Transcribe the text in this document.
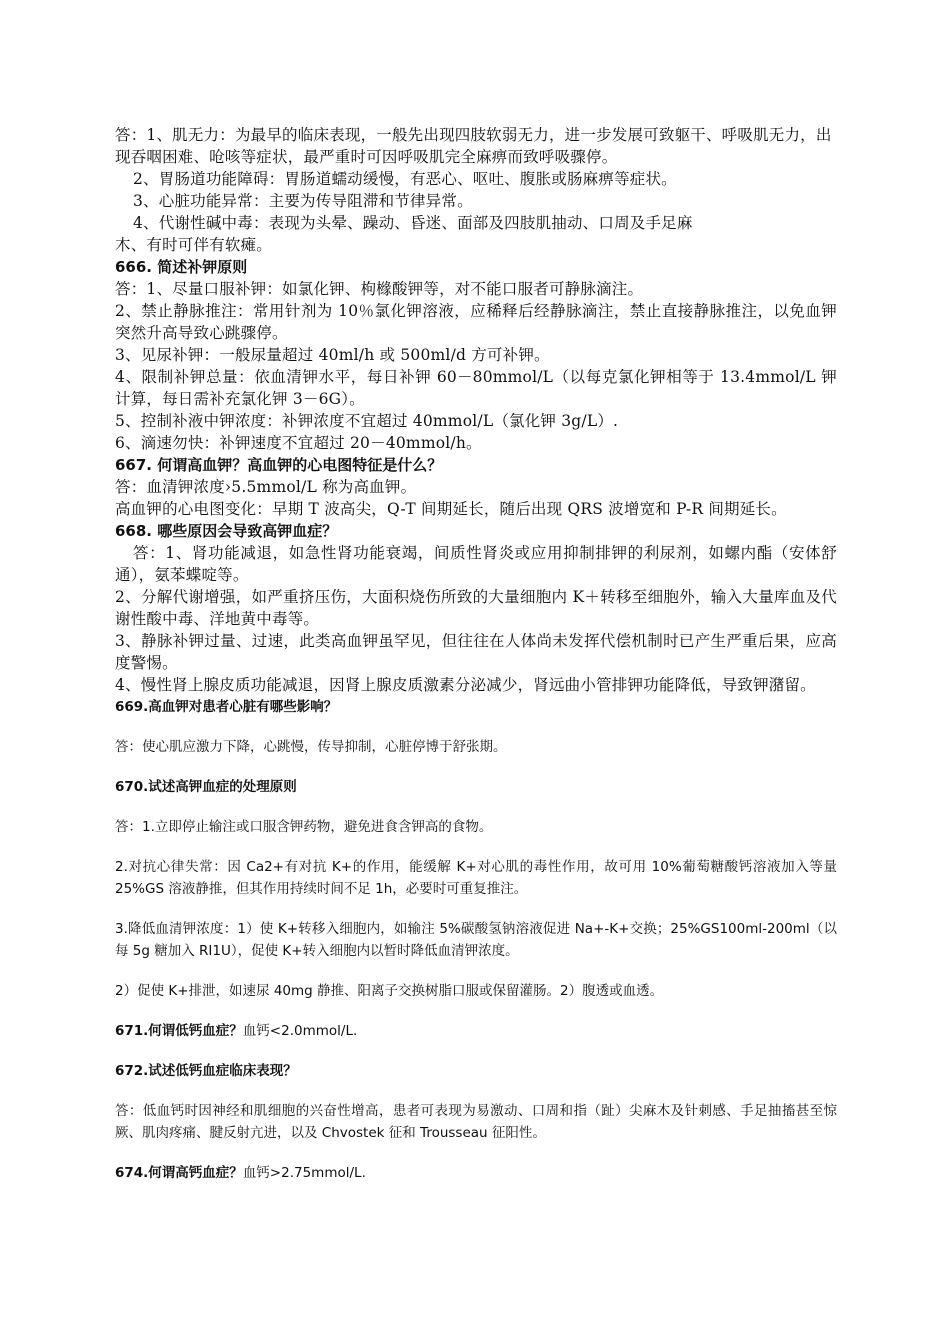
答：1、肌无力：为最早的临床表现，一般先出现四肢软弱无力，进一步发展可致躯干、呼吸肌无力，出现吞咽困难、呛咳等症状，最严重时可因呼吸肌完全麻痹而致呼吸骤停。

2、胃肠道功能障碍：胃肠道蠕动缓慢，有恶心、呕吐、腹胀或肠麻痹等症状。

3、心脏功能异常：主要为传导阻滞和节律异常。

4、代谢性碱中毒：表现为头晕、躁动、昏迷、面部及四肢肌抽动、口周及手足麻

木、有时可伴有软瘫。

666. 简述补钾原则

答：1、尽量口服补钾：如氯化钾、枸橼酸钾等，对不能口服者可静脉滴注。

2、禁止静脉推注：常用针剂为 10％氯化钾溶液，应稀释后经静脉滴注，禁止直接静脉推注，以免血钾突然升高导致心跳骤停。

3、见尿补钾：一般尿量超过 40ml/h 或 500ml/d 方可补钾。

4、限制补钾总量：依血清钾水平，每日补钾 60－80mmol/L（以每克氯化钾相等于 13.4mmol/L 钾计算，每日需补充氯化钾 3－6G）。

5、控制补液中钾浓度：补钾浓度不宜超过 40mmol/L（氯化钾 3g/L）.

6、滴速勿快：补钾速度不宜超过 20－40mmol/h。

667. 何谓高血钾？高血钾的心电图特征是什么？

答：血清钾浓度›5.5mmol/L 称为高血钾。

高血钾的心电图变化：早期 T 波高尖，Q-T 间期延长，随后出现 QRS 波增宽和 P-R 间期延长。

668. 哪些原因会导致高钾血症？

答：1、肾功能减退，如急性肾功能衰竭，间质性肾炎或应用抑制排钾的利尿剂，如螺内酯（安体舒通），氨苯蝶啶等。

2、分解代谢增强，如严重挤压伤，大面积烧伤所致的大量细胞内 K＋转移至细胞外，输入大量库血及代谢性酸中毒、洋地黄中毒等。

3、静脉补钾过量、过速，此类高血钾虽罕见，但往往在人体尚未发挥代偿机制时已产生严重后果，应高度警惕。

4、慢性肾上腺皮质功能减退，因肾上腺皮质激素分泌减少，肾远曲小管排钾功能降低，导致钾潴留。

669.高血钾对患者心脏有哪些影响？

答：使心肌应激力下降，心跳慢，传导抑制，心脏停博于舒张期。

670.试述高钾血症的处理原则

答：1.立即停止输注或口服含钾药物，避免进食含钾高的食物。

2.对抗心律失常：因 Ca2+有对抗 K+的作用，能缓解 K+对心肌的毒性作用，故可用 10%葡萄糖酸钙溶液加入等量 25%GS 溶液静推，但其作用持续时间不足 1h，必要时可重复推注。

3.降低血清钾浓度：1）使 K+转移入细胞内，如输注 5%碳酸氢钠溶液促进 Na+-K+交换；25%GS100ml-200ml（以每 5g 糖加入 RI1U），促使 K+转入细胞内以暂时降低血清钾浓度。

2）促使 K+排泄，如速尿 40mg 静推、阳离子交换树脂口服或保留灌肠。2）腹透或血透。

671.何谓低钙血症？血钙<2.0mmol/L.

672.试述低钙血症临床表现？

答：低血钙时因神经和肌细胞的兴奋性增高，患者可表现为易激动、口周和指（趾）尖麻木及针刺感、手足抽搐甚至惊厥、肌肉疼痛、腱反射亢进，以及 Chvostek 征和 Trousseau 征阳性。

674.何谓高钙血症？血钙>2.75mmol/L.
